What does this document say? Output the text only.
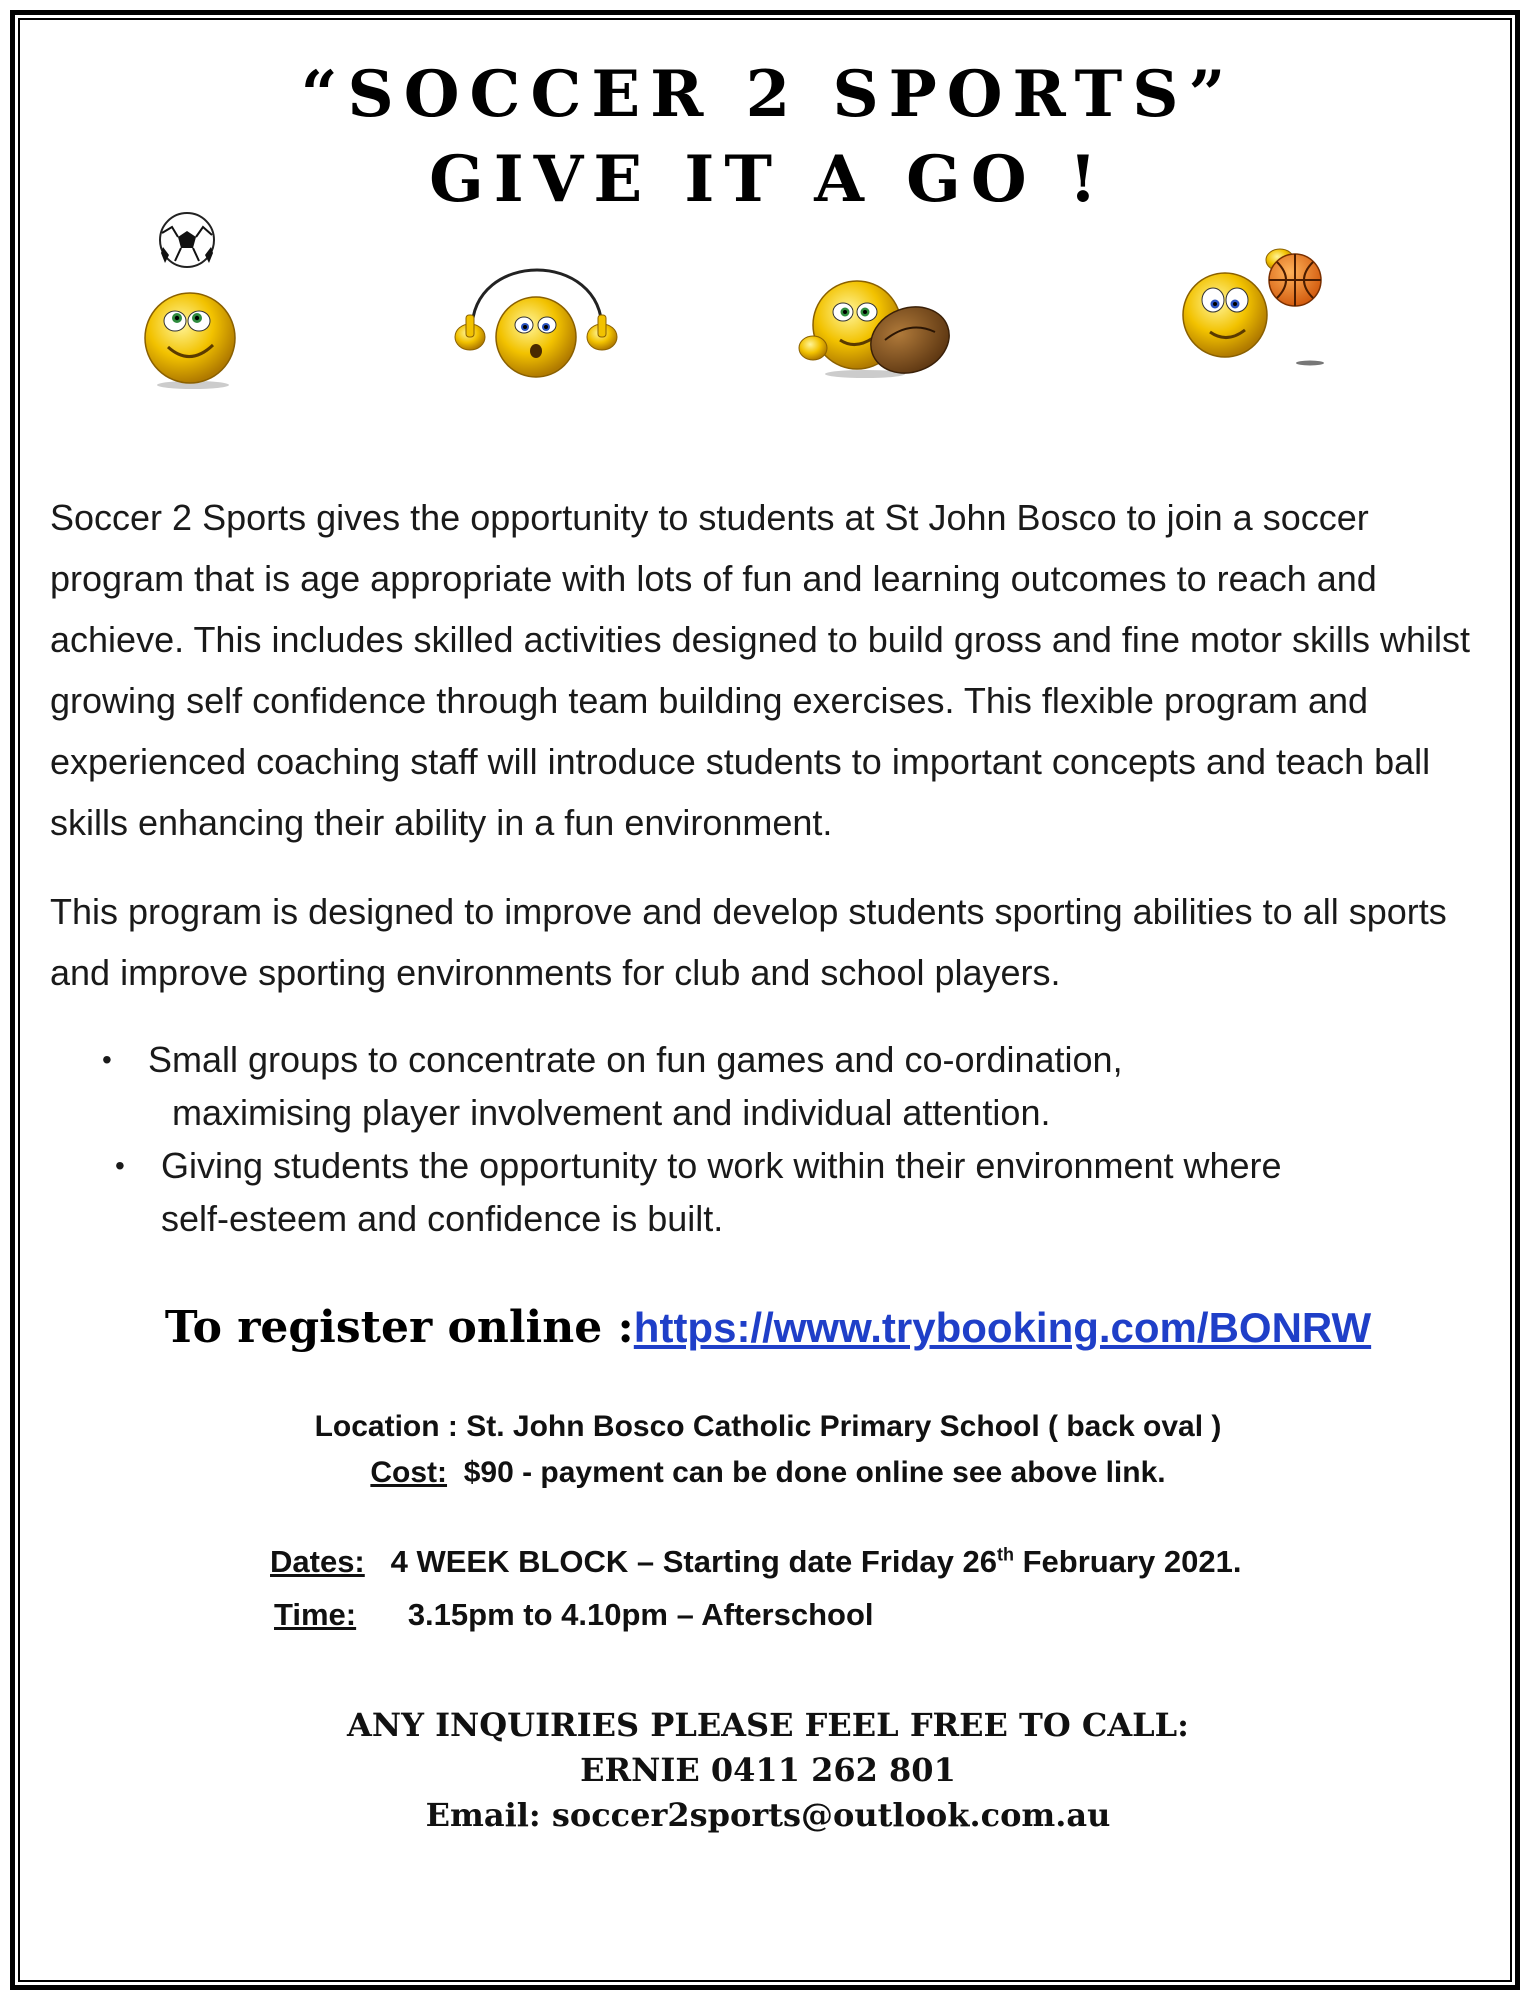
“SOCCER 2 SPORTS”
GIVE IT A GO !

Soccer 2 Sports gives the opportunity to students at St John Bosco to join a soccer program that is age appropriate with lots of fun and learning outcomes to reach and achieve. This includes skilled activities designed to build gross and fine motor skills whilst growing self confidence through team building exercises. This flexible program and experienced coaching staff will introduce students to important concepts and teach ball skills enhancing their ability in a fun environment.

This program is designed to improve and develop students sporting abilities to all sports and improve sporting environments for club and school players.

• Small groups to concentrate on fun games and co-ordination,
maximising player involvement and individual attention.
• Giving students the opportunity to work within their environment where
self-esteem and confidence is built.
To register online :https://www.trybooking.com/BONRW
Location : St. John Bosco Catholic Primary School ( back oval )
Cost: $90 - payment can be done online see above link.
Dates: 4 WEEK BLOCK – Starting date Friday 26th February 2021.
Time: 3.15pm to 4.10pm – Afterschool
ANY INQUIRIES PLEASE FEEL FREE TO CALL:
ERNIE 0411 262 801
Email: soccer2sports@outlook.com.au
